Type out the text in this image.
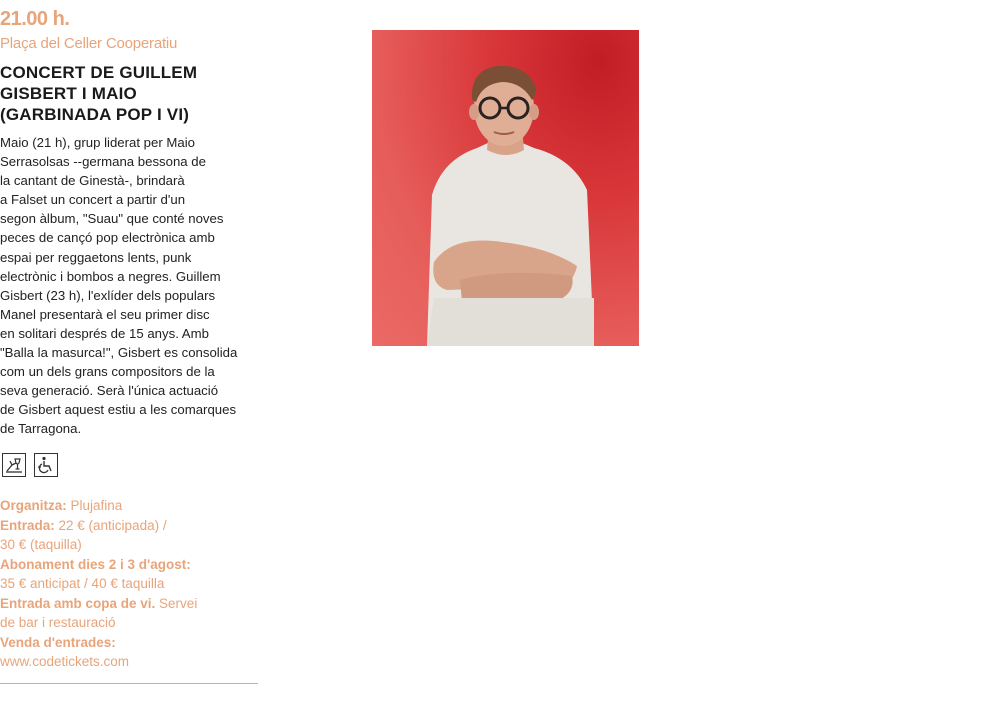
21.00 h.
Plaça del Celler Cooperatiu
CONCERT DE GUILLEM
GISBERT I MAIO
(GARBINADA POP I VI)
Maio (21 h), grup liderat per Maio
Serrasolsas --germana bessona de
la cantant de Ginestà-, brindarà
a Falset un concert a partir d'un
segon àlbum, "Suau" que conté noves
peces de cançó pop electrònica amb
espai per reggaetons lents, punk
electrònic i bombos a negres. Guillem
Gisbert (23 h), l'exlíder dels populars
Manel presentarà el seu primer disc
en solitari després de 15 anys. Amb
"Balla la masurca!", Gisbert es consolida
com un dels grans compositors de la
seva generació. Serà l'única actuació
de Gisbert aquest estiu a les comarques
de Tarragona.
Organitza: Plujafina
Entrada: 22 € (anticipada) /
30 € (taquilla)
Abonament dies 2 i 3 d'agost:
35 € anticipat / 40 € taquilla
Entrada amb copa de vi. Servei
de bar i restauració
Venda d'entrades:
www.codetickets.com
GUILLEM GISBERT
